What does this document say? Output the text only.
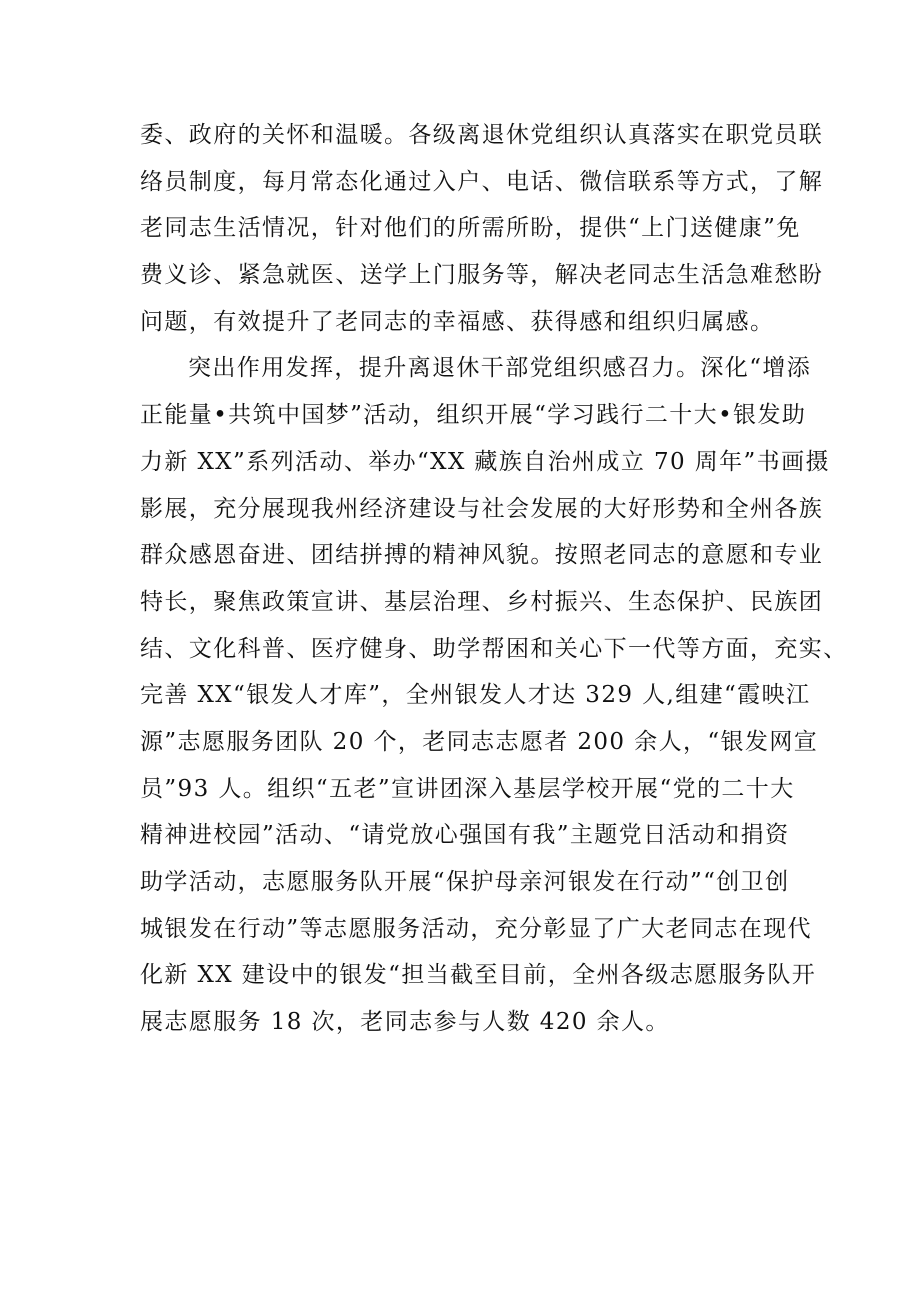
委、政府的关怀和温暖。各级离退休党组织认真落实在职党员联
络员制度，每月常态化通过入户、电话、微信联系等方式，了解
老同志生活情况，针对他们的所需所盼，提供“上门送健康”免
费义诊、紧急就医、送学上门服务等，解决老同志生活急难愁盼
问题，有效提升了老同志的幸福感、获得感和组织归属感。
突出作用发挥，提升离退休干部党组织感召力。深化“增添
正能量•共筑中国梦”活动，组织开展“学习践行二十大•银发助
力新 XX”系列活动、举办“XX 藏族自治州成立 70 周年”书画摄
影展，充分展现我州经济建设与社会发展的大好形势和全州各族
群众感恩奋进、团结拼搏的精神风貌。按照老同志的意愿和专业
特长，聚焦政策宣讲、基层治理、乡村振兴、生态保护、民族团
结、文化科普、医疗健身、助学帮困和关心下一代等方面，充实、
完善 XX“银发人才库”，全州银发人才达 329 人,组建“霞映江
源”志愿服务团队 20 个，老同志志愿者 200 余人，“银发网宣
员”93 人。组织“五老”宣讲团深入基层学校开展“党的二十大
精神进校园”活动、“请党放心强国有我”主题党日活动和捐资
助学活动，志愿服务队开展“保护母亲河银发在行动”“创卫创
城银发在行动”等志愿服务活动，充分彰显了广大老同志在现代
化新 XX 建设中的银发“担当截至目前，全州各级志愿服务队开
展志愿服务 18 次，老同志参与人数 420 余人。
